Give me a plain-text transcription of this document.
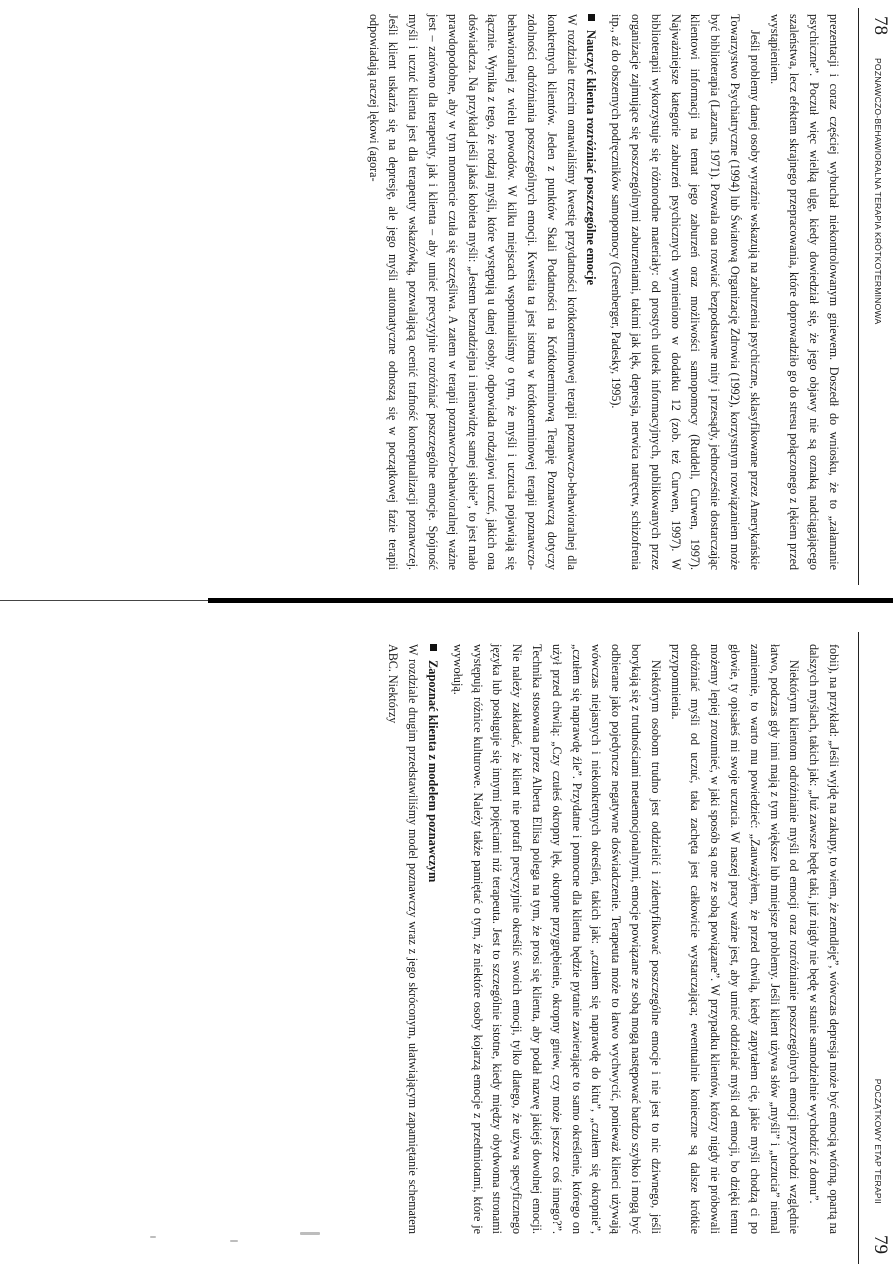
78
POZNAWCZO-BEHAWIORALNA TERAPIA KRÓTKOTERMINOWA

prezentacji i coraz częściej wybuchał niekontrolowanym gniewem. Doszedł do wniosku, że to „załamanie psychiczne”. Poczuł więc wielką ulgę, kiedy dowiedział się, że jego objawy nie są oznaką nadciągającego szaleństwa, lecz efektem skrajnego przepracowania, które doprowadziło go do stresu połączonego z lękiem przed wystąpieniem.

Jeśli problemy danej osoby wyraźnie wskazują na zaburzenia psychiczne, sklasyfikowane przez Amerykańskie Towarzystwo Psychiatryczne (1994) lub Światową Organizację Zdrowia (1992), korzystnym rozwiązaniem może być biblioterapia (Lazarus, 1971). Pozwala ona rozwiać bezpodstawne mity i przesądy, jednocześnie dostarczając klientowi informacji na temat jego zaburzeń oraz możliwości samopomocy (Ruddell, Curwen, 1997). Najważniejsze kategorie zaburzeń psychicznych wymieniono w dodatku 12 (zob. też Curwen, 1997). W biblioterapii wykorzystuje się różnorodne materiały: od prostych ulotek informacyjnych, publikowanych przez organizacje zajmujące się poszczególnymi zaburzeniami, takimi jak lęk, depresja, nerwica natręctw, schizofrenia itp., aż do obszernych podręczników samopomocy (Greenberger, Padesky, 1995).

Nauczyć klienta rozróżniać poszczególne emocje

W rozdziale trzecim omawialiśmy kwestię przydatności krótkoterminowej terapii poznawczo-behawioralnej dla konkretnych klientów. Jeden z punktów Skali Podatności na Krótkoterminową Terapię Poznawczą dotyczy zdolności odróżniania poszczególnych emocji. Kwestia ta jest istotna w krótkoterminowej terapii poznawczo-behawioralnej z wielu powodów. W kilku miejscach wspominaliśmy o tym, że myśli i uczucia pojawiają się łącznie. Wynika z tego, że rodzaj myśli, które występują u danej osoby, odpowiada rodzajowi uczuć, jakich ona doświadcza. Na przykład jeśli jakaś kobieta myśli: „Jestem beznadziejna i nienawidzę samej siebie”, to jest mało prawdopodobne, aby w tym momencie czuła się szczęśliwa. A zatem w terapii poznawczo-behawioralnej ważne jest – zarówno dla terapeuty, jak i klienta – aby umieć precyzyjnie rozróżniać poszczególne emocje. Spójność myśli i uczuć klienta jest dla terapeuty wskazówką, pozwalającą ocenić trafność konceptualizacji poznawczej. Jeśli klient uskarża się na depresję, ale jego myśli automatyczne odnoszą się w początkowej fazie terapii odpowiadają raczej lękowi (agora-

POCZĄTKOWY ETAP TERAPII
79

fobii), na przykład: „Jeśli wyjdę na zakupy, to wiem, że zemdleję”, wówczas depresja może być emocją wtórną, opartą na dalszych myślach, takich jak: „Już zawsze będę taki, już nigdy nie będę w stanie samodzielnie wychodzić z domu”.

Niektórym klientom odróżnianie myśli od emocji oraz rozróżnianie poszczególnych emocji przychodzi względnie łatwo, podczas gdy inni mają z tym większe lub mniejsze problemy. Jeśli klient używa słów „myśli” i „uczucia” niemal zamiennie, to warto mu powiedzieć: „Zauważyłem, że przed chwilą, kiedy zapytałem cię, jakie myśli chodzą ci po głowie, ty opisałeś mi swoje uczucia. W naszej pracy ważne jest, aby umieć oddzielać myśli od emocji, bo dzięki temu możemy lepiej zrozumieć, w jaki sposób są one ze sobą powiązane”. W przypadku klientów, którzy nigdy nie próbowali odróżniać myśli od uczuć, taka zachęta jest całkowicie wystarczająca; ewentualnie konieczne są dalsze krótkie przypomnienia.

Niektórym osobom trudno jest oddzielić i zidentyfikować poszczególne emocje i nie jest to nic dziwnego, jeśli borykają się z trudnościami metaemocjonalnymi, emocje powiązane ze sobą mogą następować bardzo szybko i mogą być odbierane jako pojedyncze negatywne doświadczenie. Terapeuta może to łatwo wychwycić, ponieważ klienci używają wówczas niejasnych i niekonkretnych określeń, takich jak: „czułem się naprawdę do kitu”, „czułem się okropnie”, „czułem się naprawdę źle”. Przydatne i pomocne dla klienta będzie pytanie zawierające to samo określenie, którego on użył przed chwilą: „Czy czułeś okropny lęk, okropne przygnębienie, okropny gniew, czy może jeszcze coś innego?”. Technika stosowana przez Alberta Ellisa polega na tym, że prosi się klienta, aby podał nazwę jakiejś dowolnej emocji. Nie należy zakładać, że klient nie potrafi precyzyjnie określić swoich emocji, tylko dlatego, że używa specyficznego języka lub posługuje się innymi pojęciami niż terapeuta. Jest to szczególnie istotne, kiedy między obydwoma stronami występują różnice kulturowe. Należy także pamiętać o tym, że niektóre osoby kojarzą emocje z przedmiotami, które je wywołują.

Zapoznać klienta z modelem poznawczym

W rozdziale drugim przedstawiliśmy model poznawczy wraz z jego skróconym, ułatwiającym zapamiętanie schematem ABC. Niektórzy
